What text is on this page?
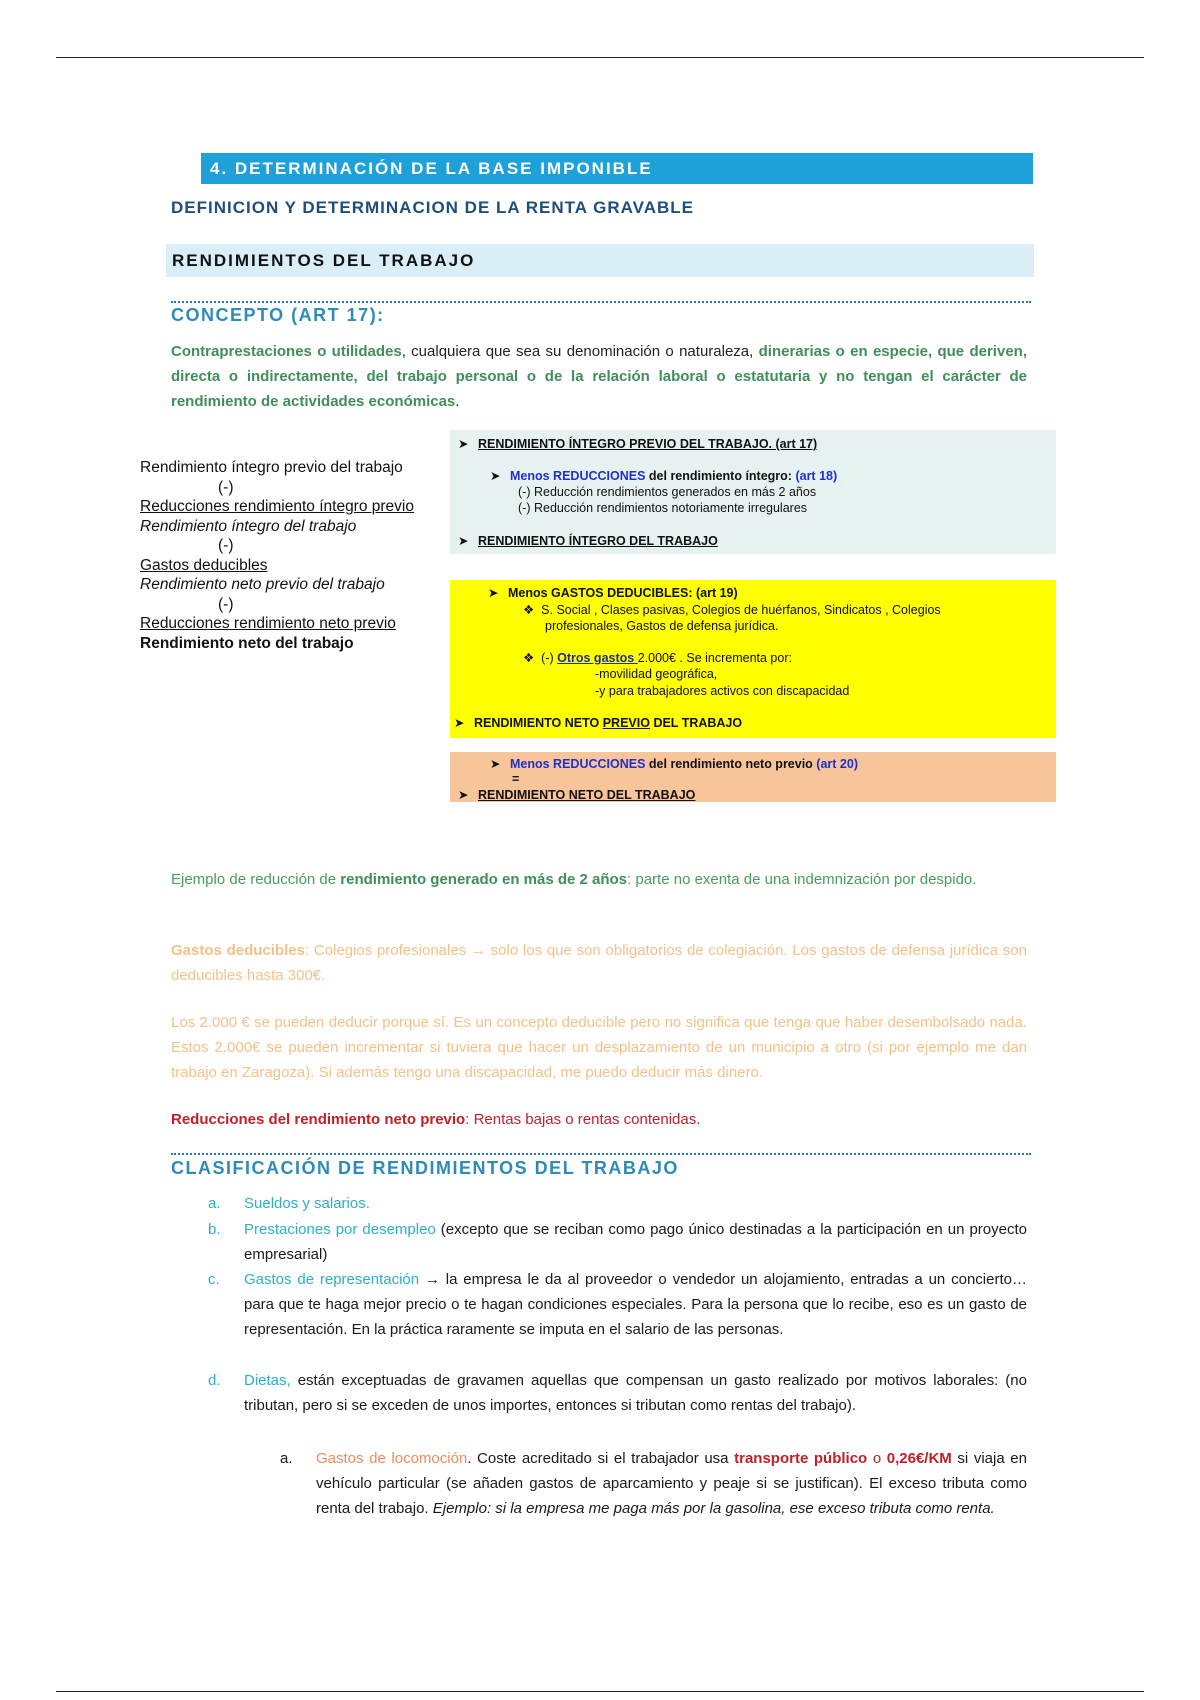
4. DETERMINACIÓN DE LA BASE IMPONIBLE
DEFINICION Y DETERMINACION DE LA RENTA GRAVABLE
RENDIMIENTOS DEL TRABAJO
CONCEPTO (ART 17):
Contraprestaciones o utilidades, cualquiera que sea su denominación o naturaleza, dinerarias o en especie, que deriven, directa o indirectamente, del trabajo personal o de la relación laboral o estatutaria y no tengan el carácter de rendimiento de actividades económicas.
Rendimiento íntegro previo del trabajo
(-)
Reducciones rendimiento íntegro previo
Rendimiento íntegro del trabajo
(-)
Gastos deducibles
Rendimiento neto previo del trabajo
(-)
Reducciones rendimiento neto previo
Rendimiento neto del trabajo
➤ RENDIMIENTO ÍNTEGRO PREVIO DEL TRABAJO. (art 17)
➤ Menos REDUCCIONES del rendimiento íntegro: (art 18)
(-) Reducción rendimientos generados en más 2 años
(-) Reducción rendimientos notoriamente irregulares
➤ RENDIMIENTO ÍNTEGRO DEL TRABAJO
➤ Menos GASTOS DEDUCIBLES: (art 19)
❖  S. Social , Clases pasivas, Colegios de huérfanos, Sindicatos , Colegios
profesionales, Gastos de defensa jurídica.
❖  (-) Otros gastos 2.000€ . Se incrementa por:
-movilidad geográfica,
-y para trabajadores activos con discapacidad
➤ RENDIMIENTO NETO PREVIO DEL TRABAJO
➤ Menos REDUCCIONES del rendimiento neto previo (art 20)
=
➤ RENDIMIENTO NETO DEL TRABAJO
Ejemplo de reducción de rendimiento generado en más de 2 años: parte no exenta de una indemnización por despido.
Gastos deducibles: Colegios profesionales → solo los que son obligatorios de colegiación. Los gastos de defensa jurídica son deducibles hasta 300€.
Los 2.000 € se pueden deducir porque sí. Es un concepto deducible pero no significa que tenga que haber desembolsado nada. Estos 2.000€ se pueden incrementar si tuviera que hacer un desplazamiento de un municipio a otro (si por ejemplo me dan trabajo en Zaragoza). Si además tengo una discapacidad, me puedo deducir más dinero.
Reducciones del rendimiento neto previo: Rentas bajas o rentas contenidas.
CLASIFICACIÓN DE RENDIMIENTOS DEL TRABAJO
a. Sueldos y salarios.
b. Prestaciones por desempleo (excepto que se reciban como pago único destinadas a la participación en un proyecto empresarial)
c. Gastos de representación → la empresa le da al proveedor o vendedor un alojamiento, entradas a un concierto… para que te haga mejor precio o te hagan condiciones especiales. Para la persona que lo recibe, eso es un gasto de representación. En la práctica raramente se imputa en el salario de las personas.
d. Dietas, están exceptuadas de gravamen aquellas que compensan un gasto realizado por motivos laborales: (no tributan, pero si se exceden de unos importes, entonces si tributan como rentas del trabajo).
a. Gastos de locomoción. Coste acreditado si el trabajador usa transporte público o 0,26€/KM si viaja en vehículo particular (se añaden gastos de aparcamiento y peaje si se justifican). El exceso tributa como renta del trabajo. Ejemplo: si la empresa me paga más por la gasolina, ese exceso tributa como renta.
